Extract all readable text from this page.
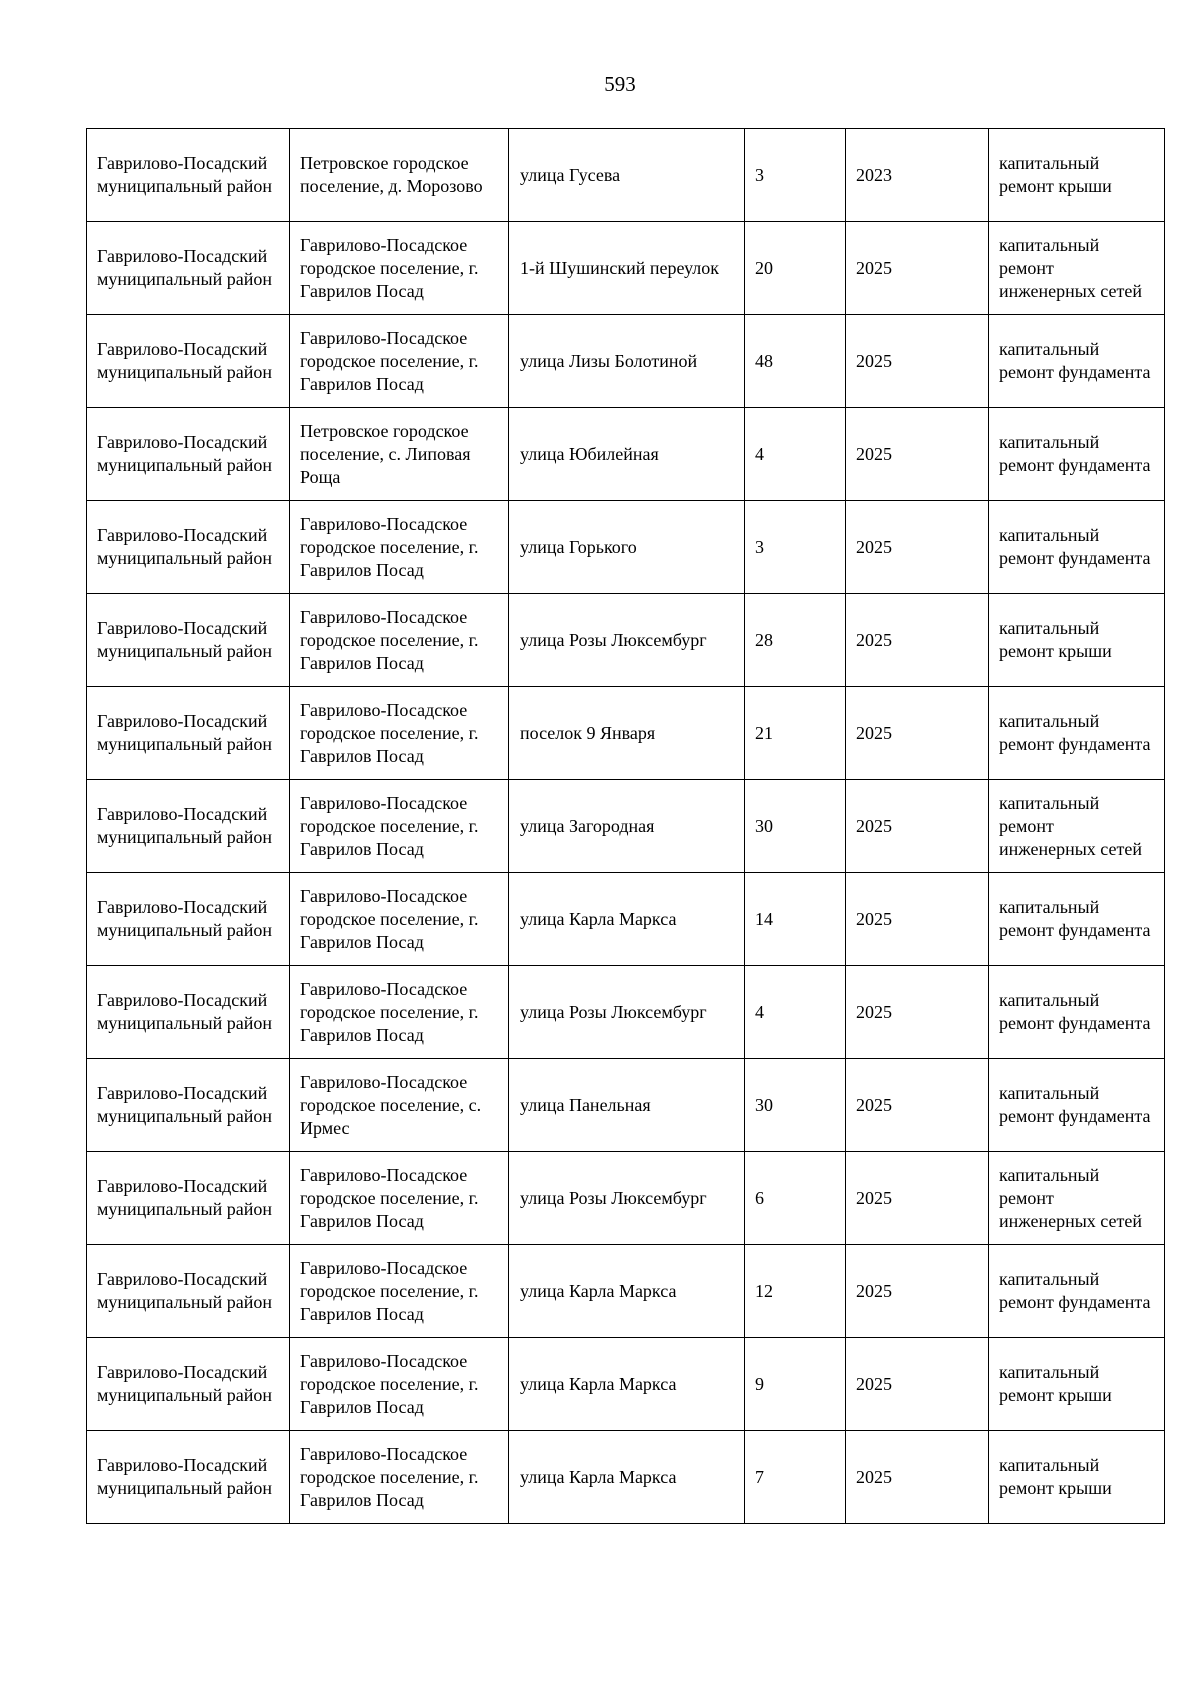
593
Гаврилово-Посадский муниципальный район	Петровское городское поселение, д. Морозово	улица Гусева	3	2023	капитальный ремонт крыши
Гаврилово-Посадский муниципальный район	Гаврилово-Посадское городское поселение, г. Гаврилов Посад	1-й Шушинский переулок	20	2025	капитальный ремонт инженерных сетей
Гаврилово-Посадский муниципальный район	Гаврилово-Посадское городское поселение, г. Гаврилов Посад	улица Лизы Болотиной	48	2025	капитальный ремонт фундамента
Гаврилово-Посадский муниципальный район	Петровское городское поселение, с. Липовая Роща	улица Юбилейная	4	2025	капитальный ремонт фундамента
Гаврилово-Посадский муниципальный район	Гаврилово-Посадское городское поселение, г. Гаврилов Посад	улица Горького	3	2025	капитальный ремонт фундамента
Гаврилово-Посадский муниципальный район	Гаврилово-Посадское городское поселение, г. Гаврилов Посад	улица Розы Люксембург	28	2025	капитальный ремонт крыши
Гаврилово-Посадский муниципальный район	Гаврилово-Посадское городское поселение, г. Гаврилов Посад	поселок 9 Января	21	2025	капитальный ремонт фундамента
Гаврилово-Посадский муниципальный район	Гаврилово-Посадское городское поселение, г. Гаврилов Посад	улица Загородная	30	2025	капитальный ремонт инженерных сетей
Гаврилово-Посадский муниципальный район	Гаврилово-Посадское городское поселение, г. Гаврилов Посад	улица Карла Маркса	14	2025	капитальный ремонт фундамента
Гаврилово-Посадский муниципальный район	Гаврилово-Посадское городское поселение, г. Гаврилов Посад	улица Розы Люксембург	4	2025	капитальный ремонт фундамента
Гаврилово-Посадский муниципальный район	Гаврилово-Посадское городское поселение, с. Ирмес	улица Панельная	30	2025	капитальный ремонт фундамента
Гаврилово-Посадский муниципальный район	Гаврилово-Посадское городское поселение, г. Гаврилов Посад	улица Розы Люксембург	6	2025	капитальный ремонт инженерных сетей
Гаврилово-Посадский муниципальный район	Гаврилово-Посадское городское поселение, г. Гаврилов Посад	улица Карла Маркса	12	2025	капитальный ремонт фундамента
Гаврилово-Посадский муниципальный район	Гаврилово-Посадское городское поселение, г. Гаврилов Посад	улица Карла Маркса	9	2025	капитальный ремонт крыши
Гаврилово-Посадский муниципальный район	Гаврилово-Посадское городское поселение, г. Гаврилов Посад	улица Карла Маркса	7	2025	капитальный ремонт крыши
